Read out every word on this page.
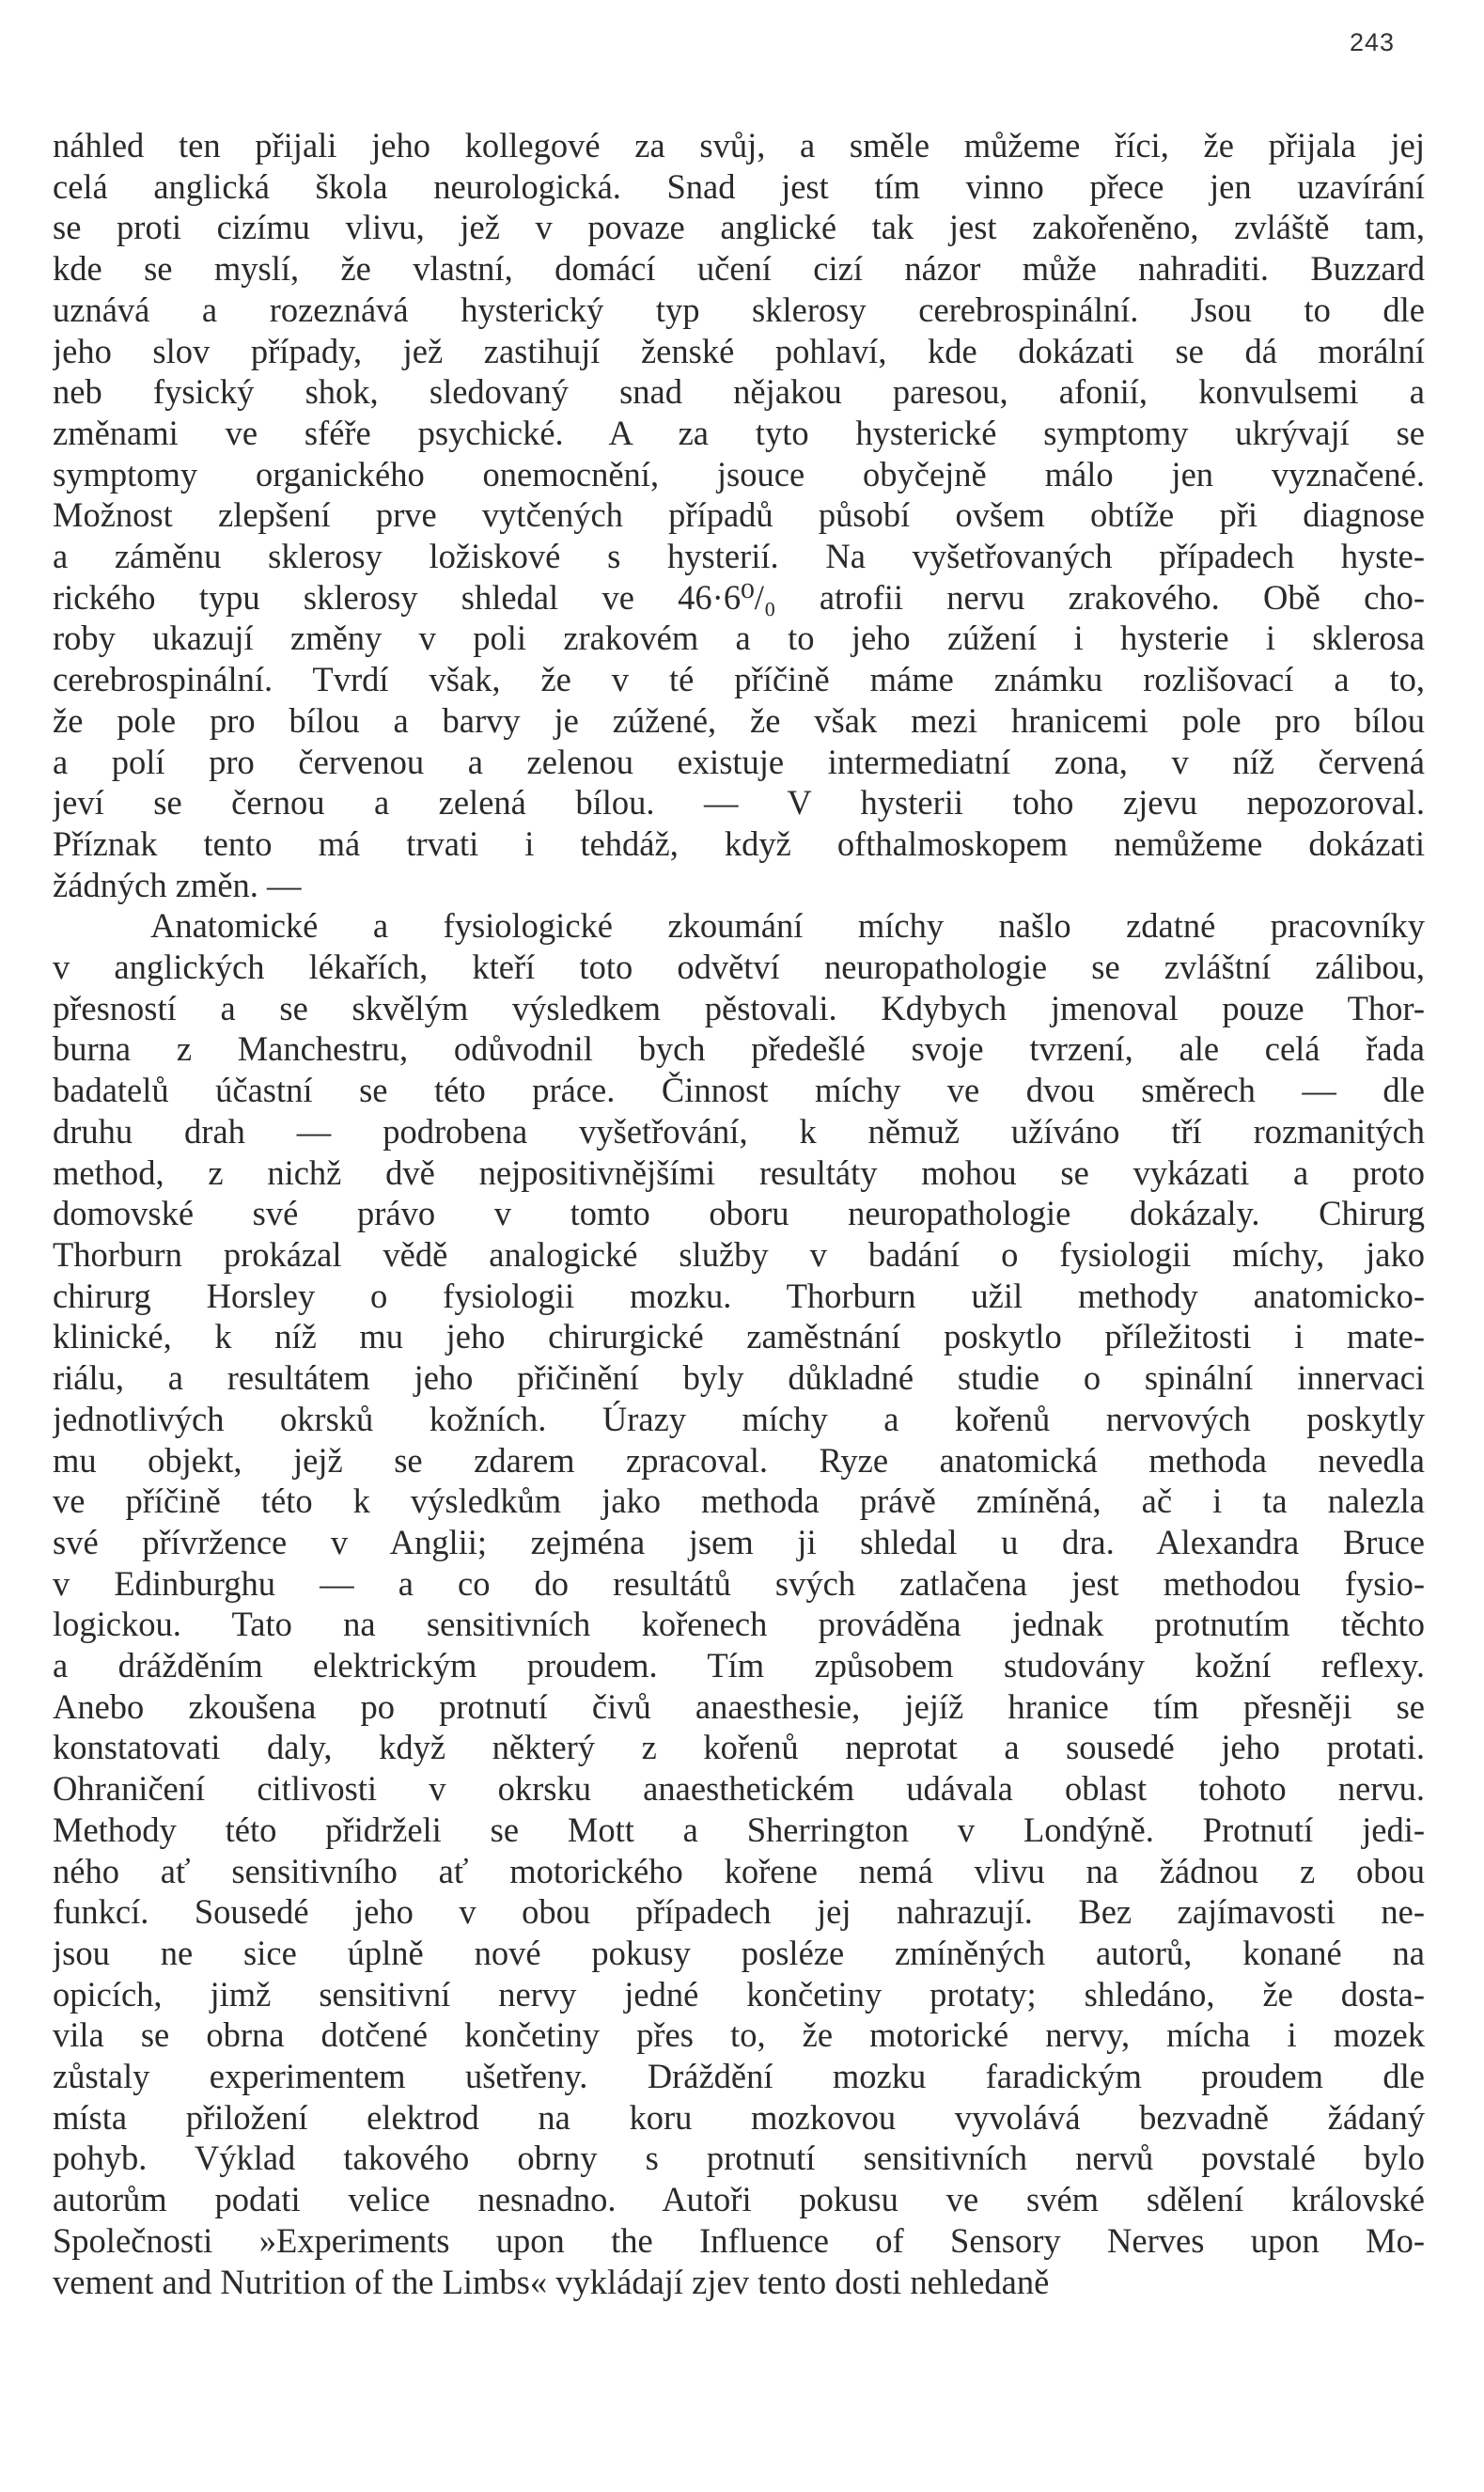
243
náhled ten přijali jeho kollegové za svůj, a směle můžeme říci, že přijala jej
celá anglická škola neurologická. Snad jest tím vinno přece jen uzavírání
se proti cizímu vlivu, jež v povaze anglické tak jest zakořeněno, zvláště tam,
kde se myslí, že vlastní, domácí učení cizí názor může nahraditi. Buzzard
uznává a rozeznává hysterický typ sklerosy cerebrospinální. Jsou to dle
jeho slov případy, jež zastihují ženské pohlaví, kde dokázati se dá morální
neb fysický shok, sledovaný snad nějakou paresou, afonií, konvulsemi a
změnami ve sféře psychické. A za tyto hysterické symptomy ukrývají se
symptomy organického onemocnění, jsouce obyčejně málo jen vyznačené.
Možnost zlepšení prve vytčených případů působí ovšem obtíže při diagnose
a záměnu sklerosy ložiskové s hysterií. Na vyšetřovaných případech hyste-
rického typu sklerosy shledal ve 46·6⁰/₀ atrofii nervu zrakového. Obě cho-
roby ukazují změny v poli zrakovém a to jeho zúžení i hysterie i sklerosa
cerebrospinální. Tvrdí však, že v té příčině máme známku rozlišovací a to,
že pole pro bílou a barvy je zúžené, že však mezi hranicemi pole pro bílou
a polí pro červenou a zelenou existuje intermediatní zona, v níž červená
jeví se černou a zelená bílou. — V hysterii toho zjevu nepozoroval.
Příznak tento má trvati i tehdáž, když ofthalmoskopem nemůžeme dokázati
žádných změn. —
Anatomické a fysiologické zkoumání míchy našlo zdatné pracovníky
v anglických lékařích, kteří toto odvětví neuropathologie se zvláštní zálibou,
přesností a se skvělým výsledkem pěstovali. Kdybych jmenoval pouze Thor-
burna z Manchestru, odůvodnil bych předešlé svoje tvrzení, ale celá řada
badatelů účastní se této práce. Činnost míchy ve dvou směrech — dle
druhu drah — podrobena vyšetřování, k němuž užíváno tří rozmanitých
method, z nichž dvě nejpositivnějšími resultáty mohou se vykázati a proto
domovské své právo v tomto oboru neuropathologie dokázaly. Chirurg
Thorburn prokázal vědě analogické služby v badání o fysiologii míchy, jako
chirurg Horsley o fysiologii mozku. Thorburn užil methody anatomicko-
klinické, k níž mu jeho chirurgické zaměstnání poskytlo příležitosti i mate-
riálu, a resultátem jeho přičinění byly důkladné studie o spinální innervaci
jednotlivých okrsků kožních. Úrazy míchy a kořenů nervových poskytly
mu objekt, jejž se zdarem zpracoval. Ryze anatomická methoda nevedla
ve příčině této k výsledkům jako methoda právě zmíněná, ač i ta nalezla
své přívržence v Anglii; zejména jsem ji shledal u dra. Alexandra Bruce
v Edinburghu — a co do resultátů svých zatlačena jest methodou fysio-
logickou. Tato na sensitivních kořenech prováděna jednak protnutím těchto
a drážděním elektrickým proudem. Tím způsobem studovány kožní reflexy.
Anebo zkoušena po protnutí čivů anaesthesie, jejíž hranice tím přesněji se
konstatovati daly, když některý z kořenů neprotat a sousedé jeho protati.
Ohraničení citlivosti v okrsku anaesthetickém udávala oblast tohoto nervu.
Methody této přidrželi se Mott a Sherrington v Londýně. Protnutí jedi-
ného ať sensitivního ať motorického kořene nemá vlivu na žádnou z obou
funkcí. Sousedé jeho v obou případech jej nahrazují. Bez zajímavosti ne-
jsou ne sice úplně nové pokusy posléze zmíněných autorů, konané na
opicích, jimž sensitivní nervy jedné končetiny protaty; shledáno, že dosta-
vila se obrna dotčené končetiny přes to, že motorické nervy, mícha i mozek
zůstaly experimentem ušetřeny. Dráždění mozku faradickým proudem dle
místa přiložení elektrod na koru mozkovou vyvolává bezvadně žádaný
pohyb. Výklad takového obrny s protnutí sensitivních nervů povstalé bylo
autorům podati velice nesnadno. Autoři pokusu ve svém sdělení královské
Společnosti »Experiments upon the Influence of Sensory Nerves upon Mo-
vement and Nutrition of the Limbs« vykládají zjev tento dosti nehledaně
